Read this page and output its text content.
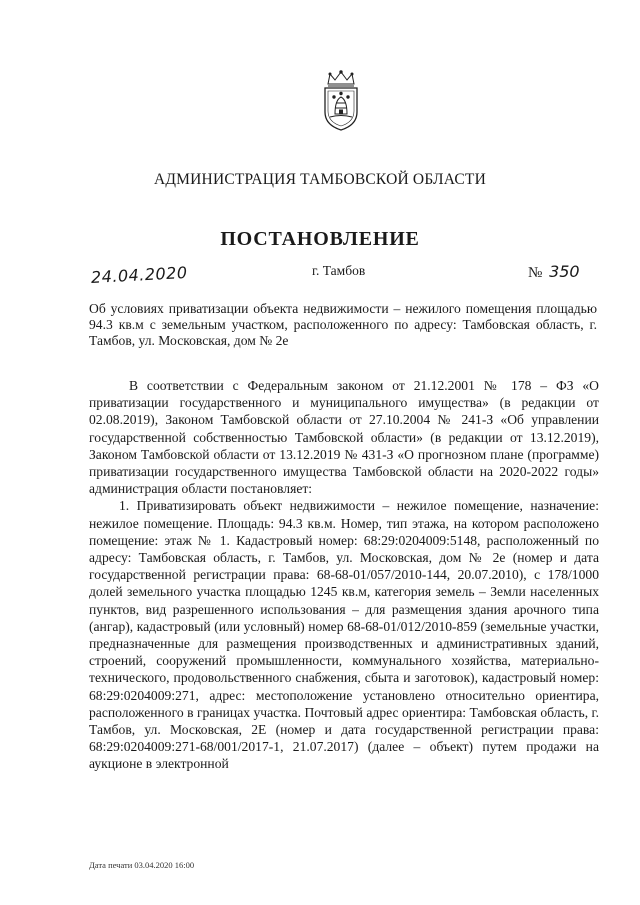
АДМИНИСТРАЦИЯ ТАМБОВСКОЙ ОБЛАСТИ
ПОСТАНОВЛЕНИЕ
24.04.2020	г. Тамбов	№ 350
Об условиях приватизации объекта недвижимости – нежилого помещения площадью 94.3 кв.м с земельным участком, расположенного по адресу: Тамбовская область, г. Тамбов, ул. Московская, дом № 2е

В соответствии с Федеральным законом от 21.12.2001 № 178 – ФЗ «О приватизации государственного и муниципального имущества» (в редакции от 02.08.2019), Законом Тамбовской области от 27.10.2004 № 241-З «Об управлении государственной собственностью Тамбовской области» (в редакции от 13.12.2019), Законом Тамбовской области от 13.12.2019 № 431-З «О прогнозном плане (программе) приватизации государственного имущества Тамбовской области на 2020-2022 годы» администрация области постановляет:

1. Приватизировать объект недвижимости – нежилое помещение, назначение: нежилое помещение. Площадь: 94.3 кв.м. Номер, тип этажа, на котором расположено помещение: этаж № 1. Кадастровый номер: 68:29:0204009:5148, расположенный по адресу: Тамбовская область, г. Тамбов, ул. Московская, дом № 2е (номер и дата государственной регистрации права: 68-68-01/057/2010-144, 20.07.2010), с 178/1000 долей земельного участка площадью 1245 кв.м, категория земель – Земли населенных пунктов, вид разрешенного использования – для размещения здания арочного типа (ангар), кадастровый (или условный) номер 68-68-01/012/2010-859 (земельные участки, предназначенные для размещения производственных и административных зданий, строений, сооружений промышленности, коммунального хозяйства, материально-технического, продовольственного снабжения, сбыта и заготовок), кадастровый номер: 68:29:0204009:271, адрес: местоположение установлено относительно ориентира, расположенного в границах участка. Почтовый адрес ориентира: Тамбовская область, г. Тамбов, ул. Московская, 2Е (номер и дата государственной регистрации права: 68:29:0204009:271-68/001/2017-1, 21.07.2017) (далее – объект) путем продажи на аукционе в электронной

Дата печати 03.04.2020 16:00
